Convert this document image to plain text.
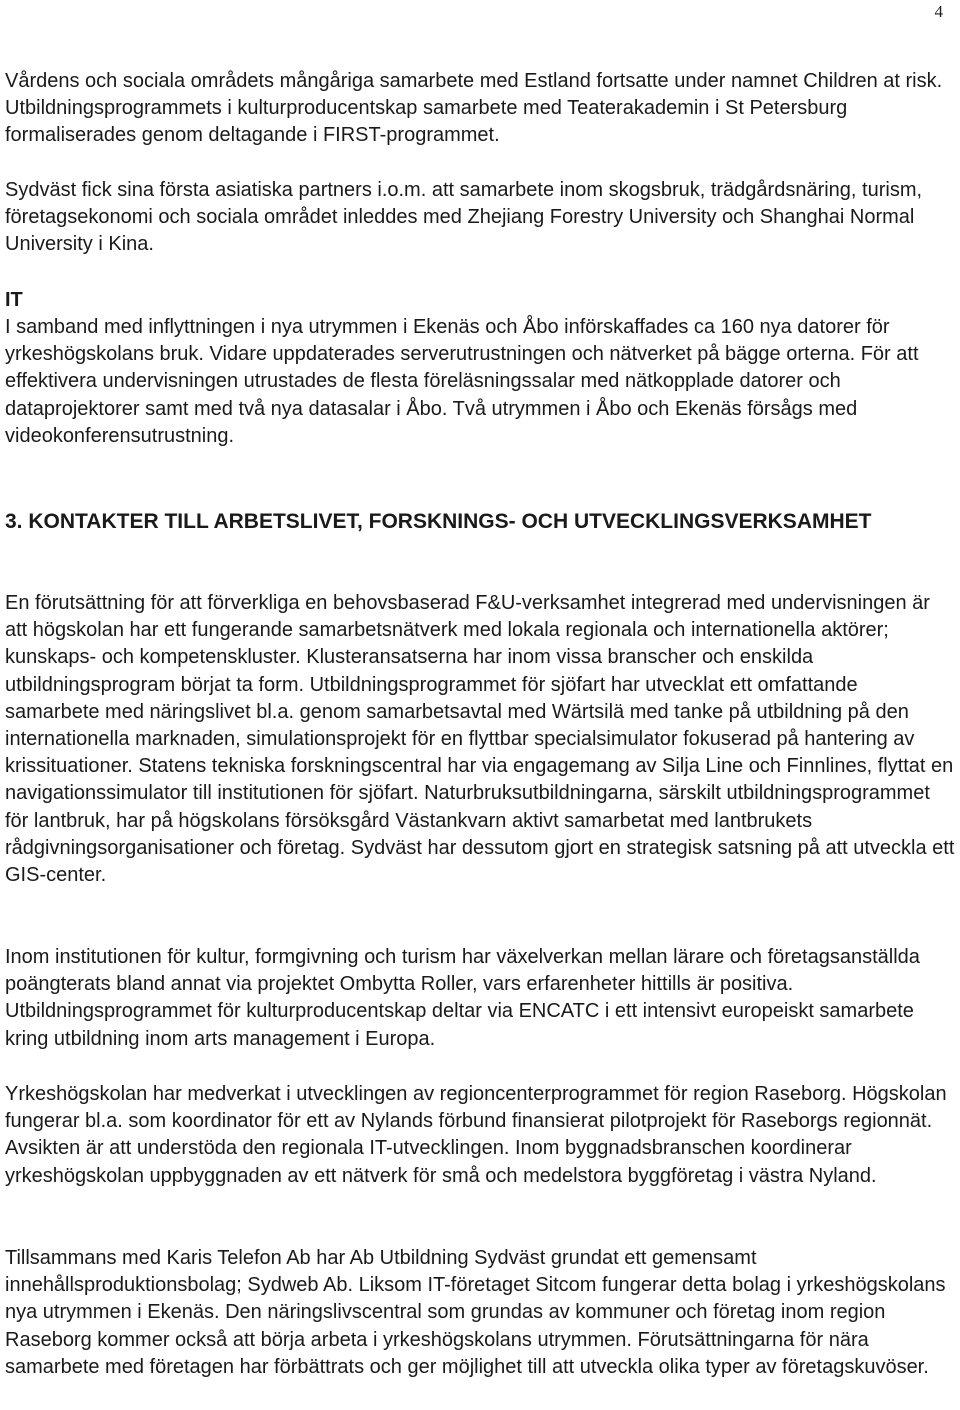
4

Vårdens och sociala områdets mångåriga samarbete med Estland fortsatte under namnet Children at risk. Utbildningsprogrammets i kulturproducentskap samarbete med Teaterakademin i St Petersburg formaliserades genom deltagande i FIRST-programmet.

Sydväst fick sina första asiatiska partners i.o.m. att samarbete inom skogsbruk, trädgårdsnäring, turism, företagsekonomi och sociala området inleddes med Zhejiang Forestry University och Shanghai Normal University i Kina.

IT

I samband med inflyttningen i nya utrymmen i Ekenäs och Åbo införskaffades ca 160 nya datorer för yrkeshögskolans bruk. Vidare uppdaterades serverutrustningen och nätverket på bägge orterna. För att effektivera undervisningen utrustades de flesta föreläsningssalar med nätkopplade datorer och dataprojektorer samt med två nya datasalar i Åbo. Två utrymmen i Åbo och Ekenäs försågs med videokonferensutrustning.

3. KONTAKTER TILL ARBETSLIVET, FORSKNINGS- OCH UTVECKLINGSVERKSAMHET

En förutsättning för att förverkliga en behovsbaserad F&U-verksamhet integrerad med undervisningen är att högskolan har ett fungerande samarbetsnätverk med lokala regionala och internationella aktörer; kunskaps- och kompetenskluster. Klusteransatserna har inom vissa branscher och enskilda utbildningsprogram börjat ta form. Utbildningsprogrammet för sjöfart har utvecklat ett omfattande samarbete med näringslivet bl.a. genom samarbetsavtal med Wärtsilä med tanke på utbildning på den internationella marknaden, simulationsprojekt för en flyttbar specialsimulator fokuserad på hantering av krissituationer. Statens tekniska forskningscentral har via engagemang av Silja Line och Finnlines, flyttat en navigationssimulator till institutionen för sjöfart. Naturbruksutbildningarna, särskilt utbildningsprogrammet för lantbruk, har på högskolans försöksgård Västankvarn aktivt samarbetat med lantbrukets rådgivningsorganisationer och företag. Sydväst har dessutom gjort en strategisk satsning på att utveckla ett GIS-center.

Inom institutionen för kultur, formgivning och turism har växelverkan mellan lärare och företagsanställda poängterats bland annat via projektet Ombytta Roller, vars erfarenheter hittills är positiva. Utbildningsprogrammet för kulturproducentskap deltar via ENCATC i ett intensivt europeiskt samarbete kring utbildning inom arts management i Europa.

Yrkeshögskolan har medverkat i utvecklingen av regioncenterprogrammet för region Raseborg. Högskolan fungerar bl.a. som koordinator för ett av Nylands förbund finansierat pilotprojekt för Raseborgs regionnät. Avsikten är att understöda den regionala IT-utvecklingen. Inom byggnadsbranschen koordinerar yrkeshögskolan uppbyggnaden av ett nätverk för små och medelstora byggföretag i västra Nyland.

Tillsammans med Karis Telefon Ab har Ab Utbildning Sydväst grundat ett gemensamt innehållsproduktionsbolag; Sydweb Ab. Liksom IT-företaget Sitcom fungerar detta bolag i yrkeshögskolans nya utrymmen i Ekenäs. Den näringslivscentral som grundas av kommuner och företag inom region Raseborg kommer också att börja arbeta i yrkeshögskolans utrymmen. Förutsättningarna för nära samarbete med företagen har förbättrats och ger möjlighet till att utveckla olika typer av företagskuvöser.
